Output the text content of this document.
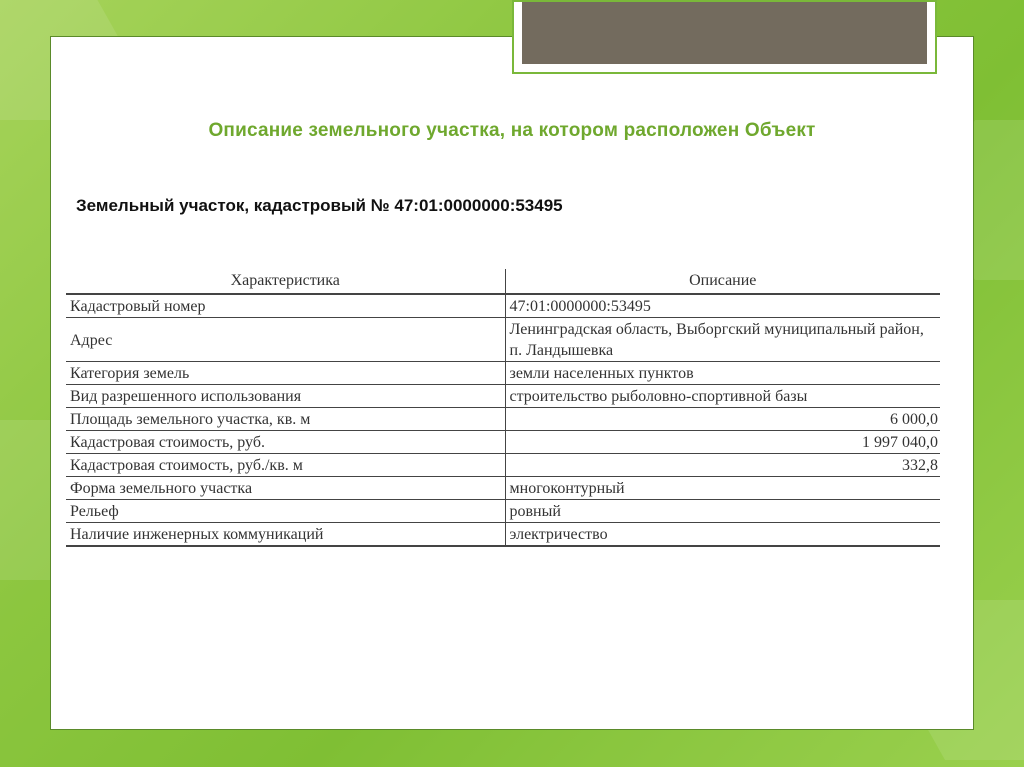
Описание земельного участка, на котором расположен Объект
Земельный участок, кадастровый № 47:01:0000000:53495
Характеристика	Описание
Кадастровый номер	47:01:0000000:53495
Адрес	Ленинградская область, Выборгский муниципальный район, п. Ландышевка
Категория земель	земли населенных пунктов
Вид разрешенного использования	строительство рыболовно-спортивной базы
Площадь земельного участка, кв. м	6 000,0
Кадастровая стоимость, руб.	1 997 040,0
Кадастровая стоимость, руб./кв. м	332,8
Форма земельного участка	многоконтурный
Рельеф	ровный
Наличие инженерных коммуникаций	электричество
